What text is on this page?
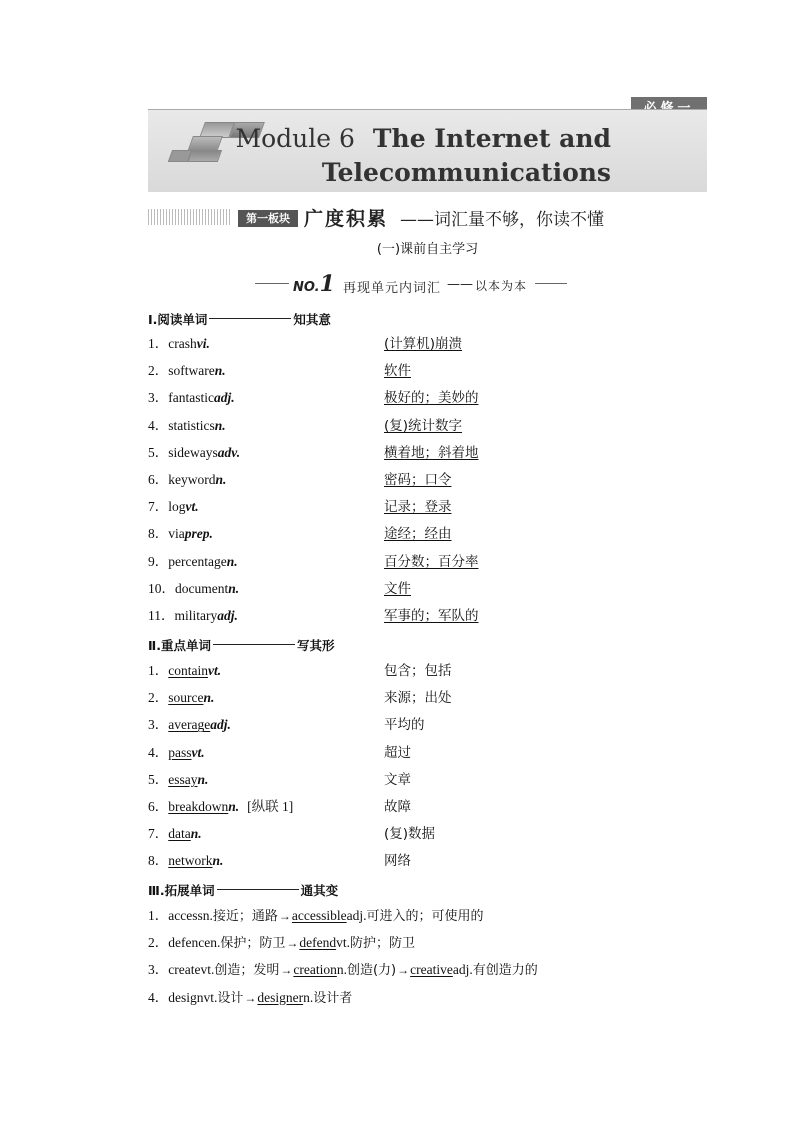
Module 6 The Internet and
Telecommunications
第一板块 广度积累 ——词汇量不够，你读不懂
(一)课前自主学习
NO.1 再现单元内词汇 —— 以本为本
Ⅰ.阅读单词	知其意
1．crashvi.	(计算机)崩溃
2．softwaren.	软件
3．fantasticadj.	极好的；美妙的
4．statisticsn.	(复)统计数字
5．sidewaysadv.	横着地；斜着地
6．keywordn.	密码；口令
7．logvt.	记录；登录
8．viaprep.	途经；经由
9．percentagen.	百分数；百分率
10．documentn.	文件
11．militaryadj.	军事的；军队的
Ⅱ.重点单词	写其形
1．containvt.	包含；包括
2．sourcen.	来源；出处
3．averageadj.	平均的
4．passvt.	超过
5．essayn.	文章
6．breakdownn. [纵联 1]	故障
7．datan.	(复)数据
8．networkn.	网络
Ⅲ.拓展单词	通其变
1．accessn.接近；通路→accessibleadj.可进入的；可使用的
2．defencen.保护；防卫→defendvt.防护；防卫
3．createvt.创造；发明→creationn.创造(力)→creativeadj.有创造力的
4．designvt.设计→designern.设计者
